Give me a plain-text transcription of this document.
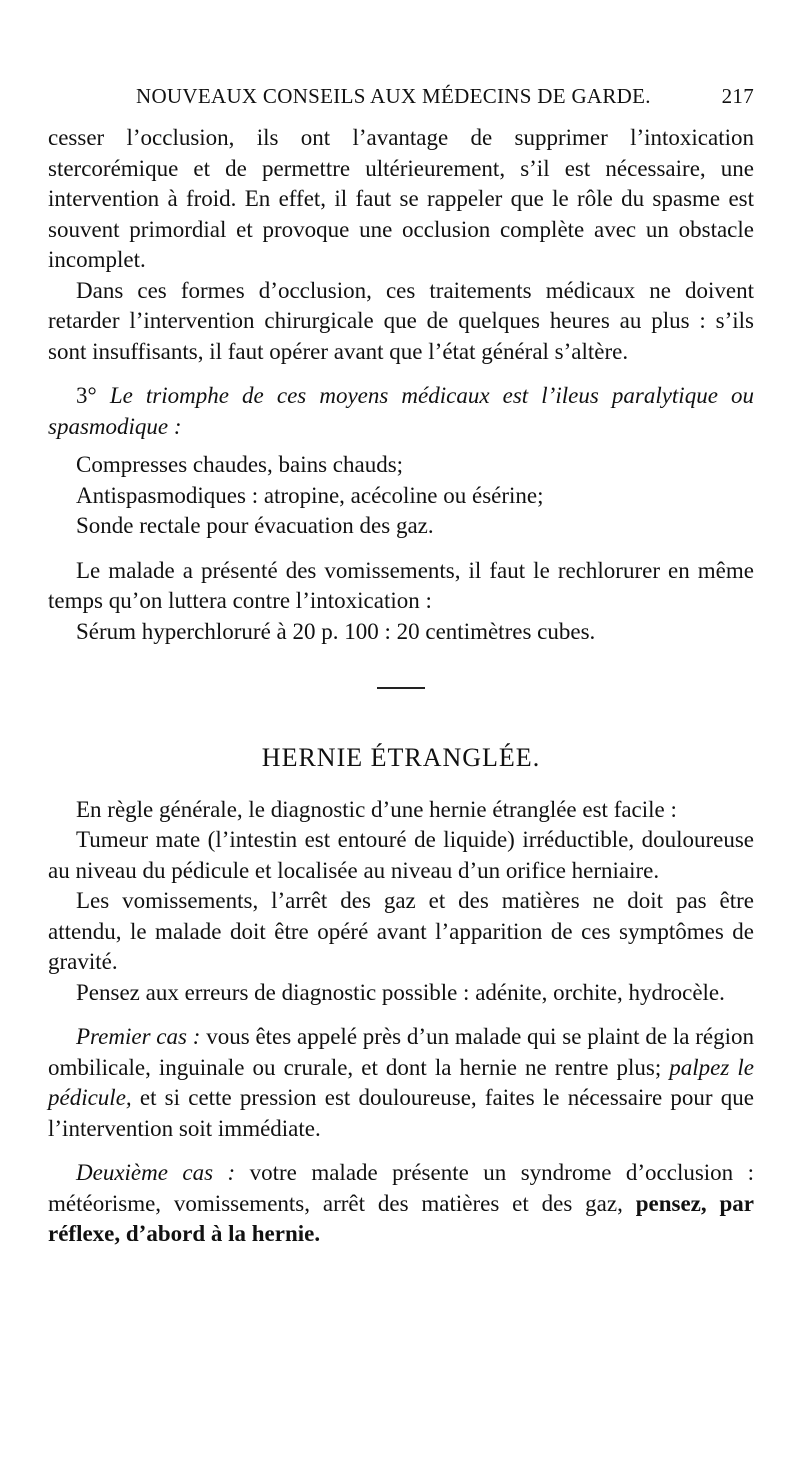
NOUVEAUX CONSEILS AUX MÉDECINS DE GARDE.	217

cesser l’occlusion, ils ont l’avantage de supprimer l’intoxication stercorémique et de permettre ultérieurement, s’il est nécessaire, une intervention à froid. En effet, il faut se rappeler que le rôle du spasme est souvent primordial et provoque une occlusion complète avec un obstacle incomplet.

Dans ces formes d’occlusion, ces traitements médicaux ne doivent retarder l’intervention chirurgicale que de quelques heures au plus : s’ils sont insuffisants, il faut opérer avant que l’état général s’altère.

3° Le triomphe de ces moyens médicaux est l’ileus paralytique ou spasmodique :

Compresses chaudes, bains chauds;
Antispasmodiques : atropine, acécoline ou ésérine;
Sonde rectale pour évacuation des gaz.

Le malade a présenté des vomissements, il faut le rechlorurer en même temps qu’on luttera contre l’intoxication :

Sérum hyperchloruré à 20 p. 100 : 20 centimètres cubes.
HERNIE ÉTRANGLÉE.

En règle générale, le diagnostic d’une hernie étranglée est facile :

Tumeur mate (l’intestin est entouré de liquide) irréductible, douloureuse au niveau du pédicule et localisée au niveau d’un orifice herniaire.

Les vomissements, l’arrêt des gaz et des matières ne doit pas être attendu, le malade doit être opéré avant l’apparition de ces symptômes de gravité.

Pensez aux erreurs de diagnostic possible : adénite, orchite, hydrocèle.

Premier cas : vous êtes appelé près d’un malade qui se plaint de la région ombilicale, inguinale ou crurale, et dont la hernie ne rentre plus; palpez le pédicule, et si cette pression est douloureuse, faites le nécessaire pour que l’intervention soit immédiate.

Deuxième cas : votre malade présente un syndrome d’occlusion : météorisme, vomissements, arrêt des matières et des gaz, pensez, par réflexe, d’abord à la hernie.
